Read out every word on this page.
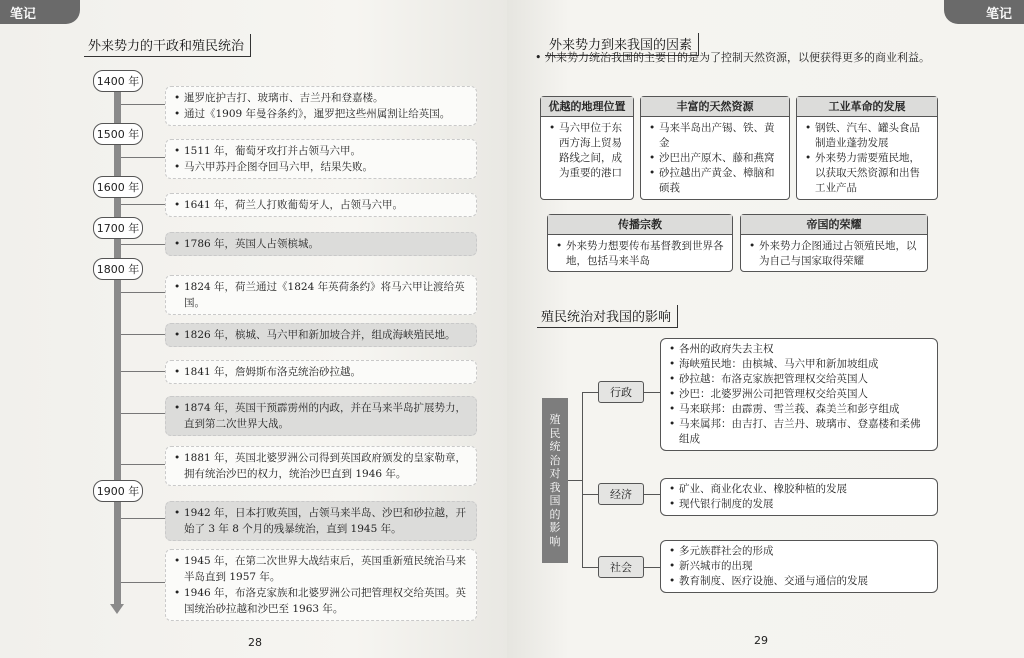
笔记
外来势力的干政和殖民统治
1400 年
1500 年
1600 年
1700 年
1800 年
1900 年

• 暹罗庇护吉打、玻璃市、吉兰丹和登嘉楼。

• 通过《1909 年曼谷条约》，暹罗把这些州属割让给英国。

• 1511 年，葡萄牙攻打并占领马六甲。

• 马六甲苏丹企图夺回马六甲，结果失败。

• 1641 年，荷兰人打败葡萄牙人，占领马六甲。

• 1786 年，英国人占领槟城。

• 1824 年，荷兰通过《1824 年英荷条约》将马六甲让渡给英国。

• 1826 年，槟城、马六甲和新加坡合并，组成海峡殖民地。

• 1841 年，詹姆斯布洛克统治砂拉越。

• 1874 年，英国干预霹雳州的内政，并在马来半岛扩展势力，直到第二次世界大战。

• 1881 年，英国北婆罗洲公司得到英国政府颁发的皇家勒章，拥有统治沙巴的权力，统治沙巴直到 1946 年。

• 1942 年，日本打败英国，占领马来半岛、沙巴和砂拉越，开始了 3 年 8 个月的残暴统治，直到 1945 年。

• 1945 年，在第二次世界大战结束后，英国重新殖民统治马来半岛直到 1957 年。

• 1946 年，布洛克家族和北婆罗洲公司把管理权交给英国。英国统治砂拉越和沙巴至 1963 年。

28
笔记
外来势力到来我国的因素

• 外来势力统治我国的主要目的是为了控制天然资源，以便获得更多的商业利益。

优越的地理位置

• 马六甲位于东西方海上贸易路线之间，成为重要的港口

丰富的天然资源

• 马来半岛出产锡、铁、黄金

• 沙巴出产原木、藤和燕窝

• 砂拉越出产黄金、樟脑和硕莪

工业革命的发展

• 钢铁、汽车、罐头食品制造业蓬勃发展

• 外来势力需要殖民地，以获取天然资源和出售工业产品

传播宗教

• 外来势力想要传布基督教到世界各地，包括马来半岛

帝国的荣耀

• 外来势力企图通过占领殖民地，以为自己与国家取得荣耀

殖民统治对我国的影响
殖民统治对我国的影响
行政
经济
社会

• 各州的政府失去主权

• 海峡殖民地：由槟城、马六甲和新加坡组成

• 砂拉越：布洛克家族把管理权交给英国人

• 沙巴：北婆罗洲公司把管理权交给英国人

• 马来联邦：由霹雳、雪兰莪、森美兰和彭亨组成

• 马来属邦：由吉打、吉兰丹、玻璃市、登嘉楼和柔佛组成

• 矿业、商业化农业、橡胶种植的发展

• 现代银行制度的发展

• 多元族群社会的形成

• 新兴城市的出现

• 教育制度、医疗设施、交通与通信的发展

29
